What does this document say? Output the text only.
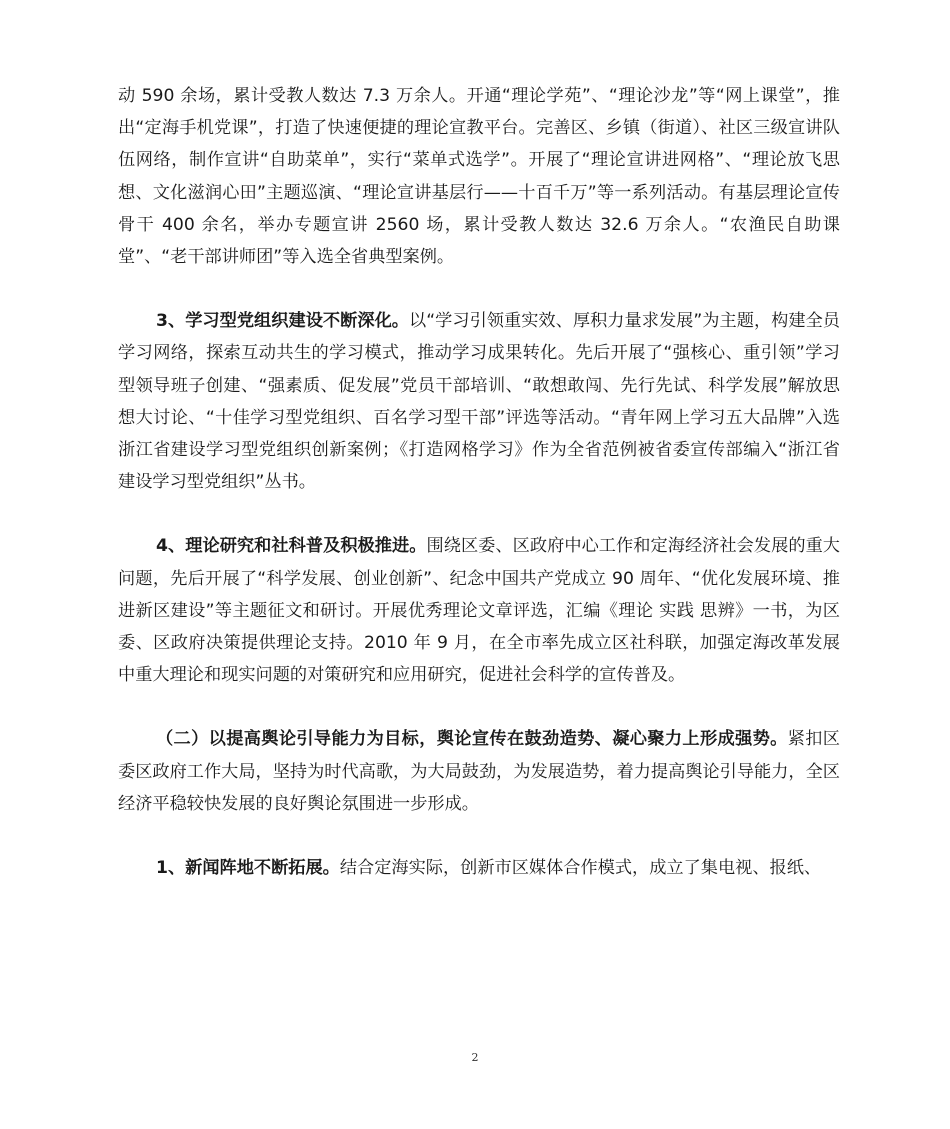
动 590 余场，累计受教人数达 7.3 万余人。开通“理论学苑”、“理论沙龙”等“网上课堂”，推出“定海手机党课”，打造了快速便捷的理论宣教平台。完善区、乡镇（街道）、社区三级宣讲队伍网络，制作宣讲“自助菜单”，实行“菜单式选学”。开展了“理论宣讲进网格”、“理论放飞思想、文化滋润心田”主题巡演、“理论宣讲基层行——十百千万”等一系列活动。有基层理论宣传骨干 400 余名，举办专题宣讲 2560 场，累计受教人数达 32.6 万余人。“农渔民自助课堂”、“老干部讲师团”等入选全省典型案例。

3、学习型党组织建设不断深化。以“学习引领重实效、厚积力量求发展”为主题，构建全员学习网络，探索互动共生的学习模式，推动学习成果转化。先后开展了“强核心、重引领”学习型领导班子创建、“强素质、促发展”党员干部培训、“敢想敢闯、先行先试、科学发展”解放思想大讨论、“十佳学习型党组织、百名学习型干部”评选等活动。“青年网上学习五大品牌”入选浙江省建设学习型党组织创新案例；《打造网格学习》作为全省范例被省委宣传部编入“浙江省建设学习型党组织”丛书。

4、理论研究和社科普及积极推进。围绕区委、区政府中心工作和定海经济社会发展的重大问题，先后开展了“科学发展、创业创新”、纪念中国共产党成立 90 周年、“优化发展环境、推进新区建设”等主题征文和研讨。开展优秀理论文章评选，汇编《理论 实践 思辨》一书，为区委、区政府决策提供理论支持。2010 年 9 月，在全市率先成立区社科联，加强定海改革发展中重大理论和现实问题的对策研究和应用研究，促进社会科学的宣传普及。

（二）以提高舆论引导能力为目标，舆论宣传在鼓劲造势、凝心聚力上形成强势。紧扣区委区政府工作大局，坚持为时代高歌，为大局鼓劲，为发展造势，着力提高舆论引导能力，全区经济平稳较快发展的良好舆论氛围进一步形成。

1、新闻阵地不断拓展。结合定海实际，创新市区媒体合作模式，成立了集电视、报纸、

2
